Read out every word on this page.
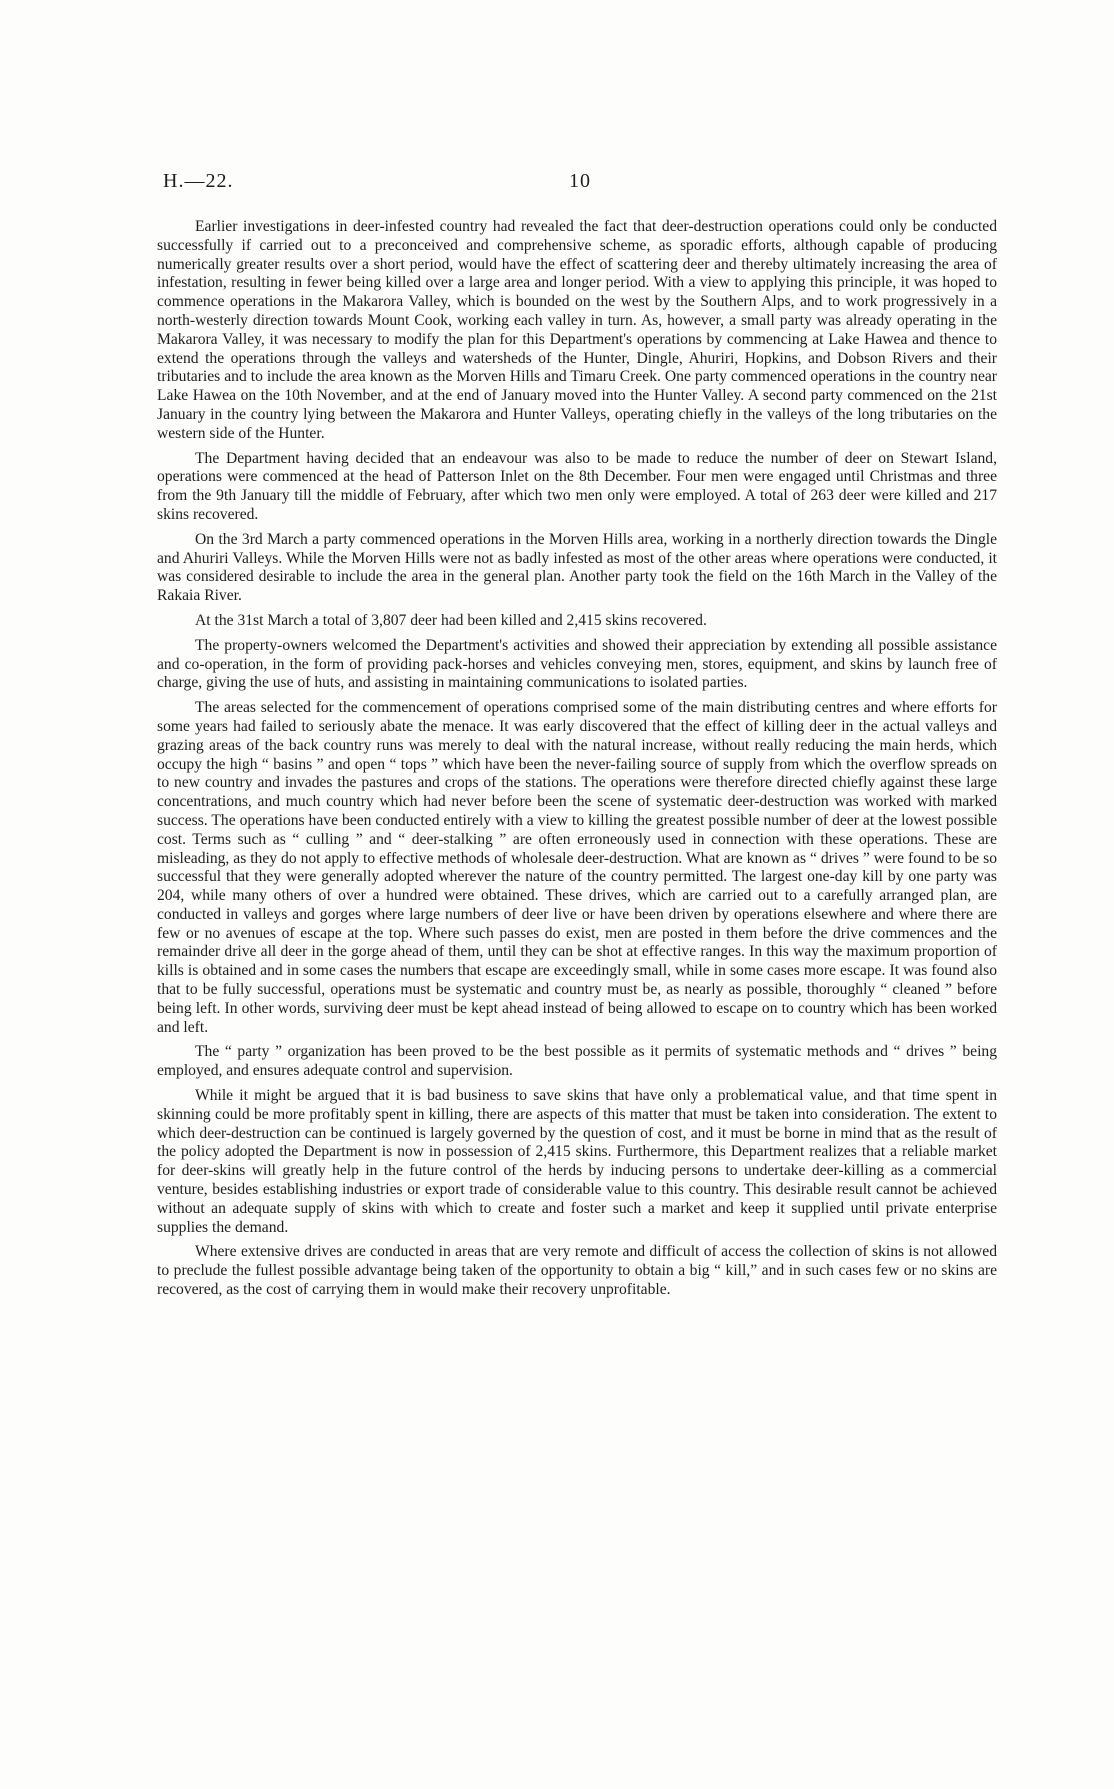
H.—22.	10

Earlier investigations in deer-infested country had revealed the fact that deer-destruction operations could only be conducted successfully if carried out to a preconceived and comprehensive scheme, as sporadic efforts, although capable of producing numerically greater results over a short period, would have the effect of scattering deer and thereby ultimately increasing the area of infestation, resulting in fewer being killed over a large area and longer period. With a view to applying this principle, it was hoped to commence operations in the Makarora Valley, which is bounded on the west by the Southern Alps, and to work progressively in a north-westerly direction towards Mount Cook, working each valley in turn. As, however, a small party was already operating in the Makarora Valley, it was necessary to modify the plan for this Department's operations by commencing at Lake Hawea and thence to extend the operations through the valleys and watersheds of the Hunter, Dingle, Ahuriri, Hopkins, and Dobson Rivers and their tributaries and to include the area known as the Morven Hills and Timaru Creek. One party commenced operations in the country near Lake Hawea on the 10th November, and at the end of January moved into the Hunter Valley. A second party commenced on the 21st January in the country lying between the Makarora and Hunter Valleys, operating chiefly in the valleys of the long tributaries on the western side of the Hunter.

The Department having decided that an endeavour was also to be made to reduce the number of deer on Stewart Island, operations were commenced at the head of Patterson Inlet on the 8th December. Four men were engaged until Christmas and three from the 9th January till the middle of February, after which two men only were employed. A total of 263 deer were killed and 217 skins recovered.

On the 3rd March a party commenced operations in the Morven Hills area, working in a northerly direction towards the Dingle and Ahuriri Valleys. While the Morven Hills were not as badly infested as most of the other areas where operations were conducted, it was considered desirable to include the area in the general plan. Another party took the field on the 16th March in the Valley of the Rakaia River.

At the 31st March a total of 3,807 deer had been killed and 2,415 skins recovered.

The property-owners welcomed the Department's activities and showed their appreciation by extending all possible assistance and co-operation, in the form of providing pack-horses and vehicles conveying men, stores, equipment, and skins by launch free of charge, giving the use of huts, and assisting in maintaining communications to isolated parties.

The areas selected for the commencement of operations comprised some of the main distributing centres and where efforts for some years had failed to seriously abate the menace. It was early discovered that the effect of killing deer in the actual valleys and grazing areas of the back country runs was merely to deal with the natural increase, without really reducing the main herds, which occupy the high “ basins ” and open “ tops ” which have been the never-failing source of supply from which the overflow spreads on to new country and invades the pastures and crops of the stations. The operations were therefore directed chiefly against these large concentrations, and much country which had never before been the scene of systematic deer-destruction was worked with marked success. The operations have been conducted entirely with a view to killing the greatest possible number of deer at the lowest possible cost. Terms such as “ culling ” and “ deer-stalking ” are often erroneously used in connection with these operations. These are misleading, as they do not apply to effective methods of wholesale deer-destruction. What are known as “ drives ” were found to be so successful that they were generally adopted wherever the nature of the country permitted. The largest one-day kill by one party was 204, while many others of over a hundred were obtained. These drives, which are carried out to a carefully arranged plan, are conducted in valleys and gorges where large numbers of deer live or have been driven by operations elsewhere and where there are few or no avenues of escape at the top. Where such passes do exist, men are posted in them before the drive commences and the remainder drive all deer in the gorge ahead of them, until they can be shot at effective ranges. In this way the maximum proportion of kills is obtained and in some cases the numbers that escape are exceedingly small, while in some cases more escape. It was found also that to be fully successful, operations must be systematic and country must be, as nearly as possible, thoroughly “ cleaned ” before being left. In other words, surviving deer must be kept ahead instead of being allowed to escape on to country which has been worked and left.

The “ party ” organization has been proved to be the best possible as it permits of systematic methods and “ drives ” being employed, and ensures adequate control and supervision.

While it might be argued that it is bad business to save skins that have only a problematical value, and that time spent in skinning could be more profitably spent in killing, there are aspects of this matter that must be taken into consideration. The extent to which deer-destruction can be continued is largely governed by the question of cost, and it must be borne in mind that as the result of the policy adopted the Department is now in possession of 2,415 skins. Furthermore, this Department realizes that a reliable market for deer-skins will greatly help in the future control of the herds by inducing persons to undertake deer-killing as a commercial venture, besides establishing industries or export trade of considerable value to this country. This desirable result cannot be achieved without an adequate supply of skins with which to create and foster such a market and keep it supplied until private enterprise supplies the demand.

Where extensive drives are conducted in areas that are very remote and difficult of access the collection of skins is not allowed to preclude the fullest possible advantage being taken of the opportunity to obtain a big “ kill,” and in such cases few or no skins are recovered, as the cost of carrying them in would make their recovery unprofitable.
